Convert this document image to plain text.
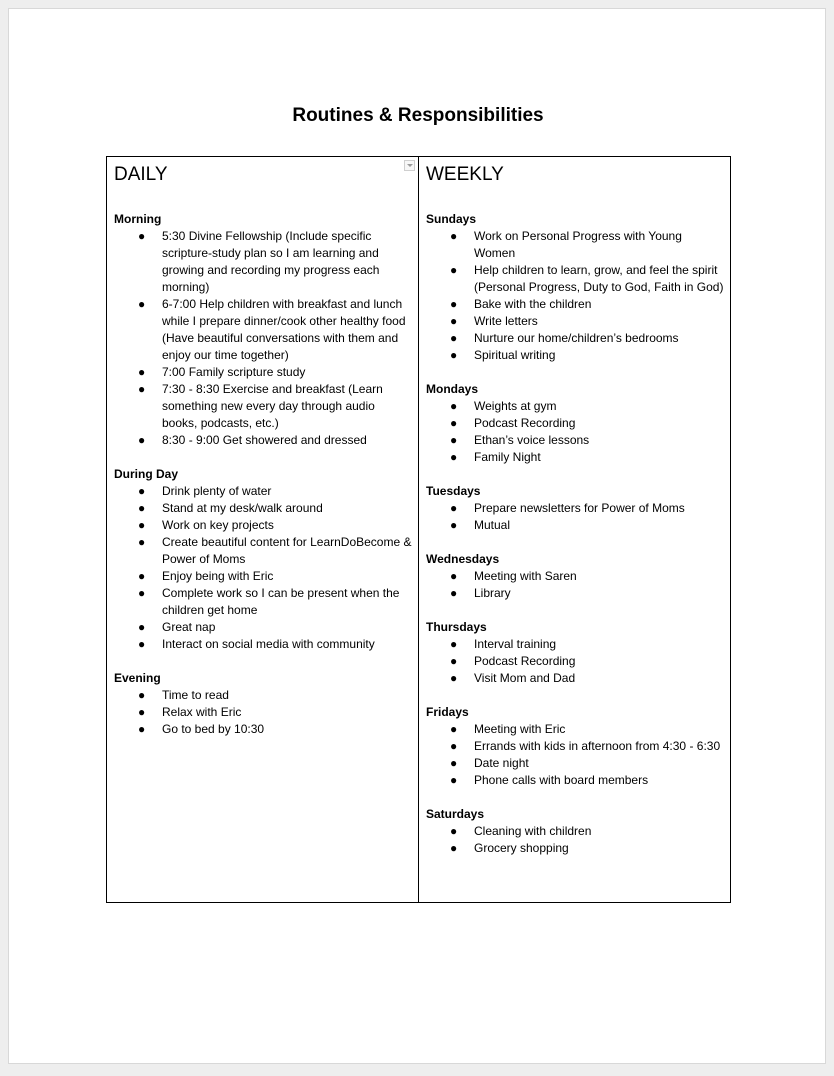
Routines & Responsibilities
DAILY
Morning
● 5:30 Divine Fellowship (Include specific scripture-study plan so I am learning and growing and recording my progress each morning)
● 6-7:00 Help children with breakfast and lunch while I prepare dinner/cook other healthy food (Have beautiful conversations with them and enjoy our time together)
● 7:00 Family scripture study
● 7:30 - 8:30 Exercise and breakfast (Learn something new every day through audio books, podcasts, etc.)
● 8:30 - 9:00 Get showered and dressed
During Day
● Drink plenty of water
● Stand at my desk/walk around
● Work on key projects
● Create beautiful content for LearnDoBecome & Power of Moms
● Enjoy being with Eric
● Complete work so I can be present when the children get home
● Great nap
● Interact on social media with community
Evening
● Time to read
● Relax with Eric
● Go to bed by 10:30
WEEKLY
Sundays
● Work on Personal Progress with Young Women
● Help children to learn, grow, and feel the spirit (Personal Progress, Duty to God, Faith in God)
● Bake with the children
● Write letters
● Nurture our home/children’s bedrooms
● Spiritual writing
Mondays
● Weights at gym
● Podcast Recording
● Ethan’s voice lessons
● Family Night
Tuesdays
● Prepare newsletters for Power of Moms
● Mutual
Wednesdays
● Meeting with Saren
● Library
Thursdays
● Interval training
● Podcast Recording
● Visit Mom and Dad
Fridays
● Meeting with Eric
● Errands with kids in afternoon from 4:30 - 6:30
● Date night
● Phone calls with board members
Saturdays
● Cleaning with children
● Grocery shopping
